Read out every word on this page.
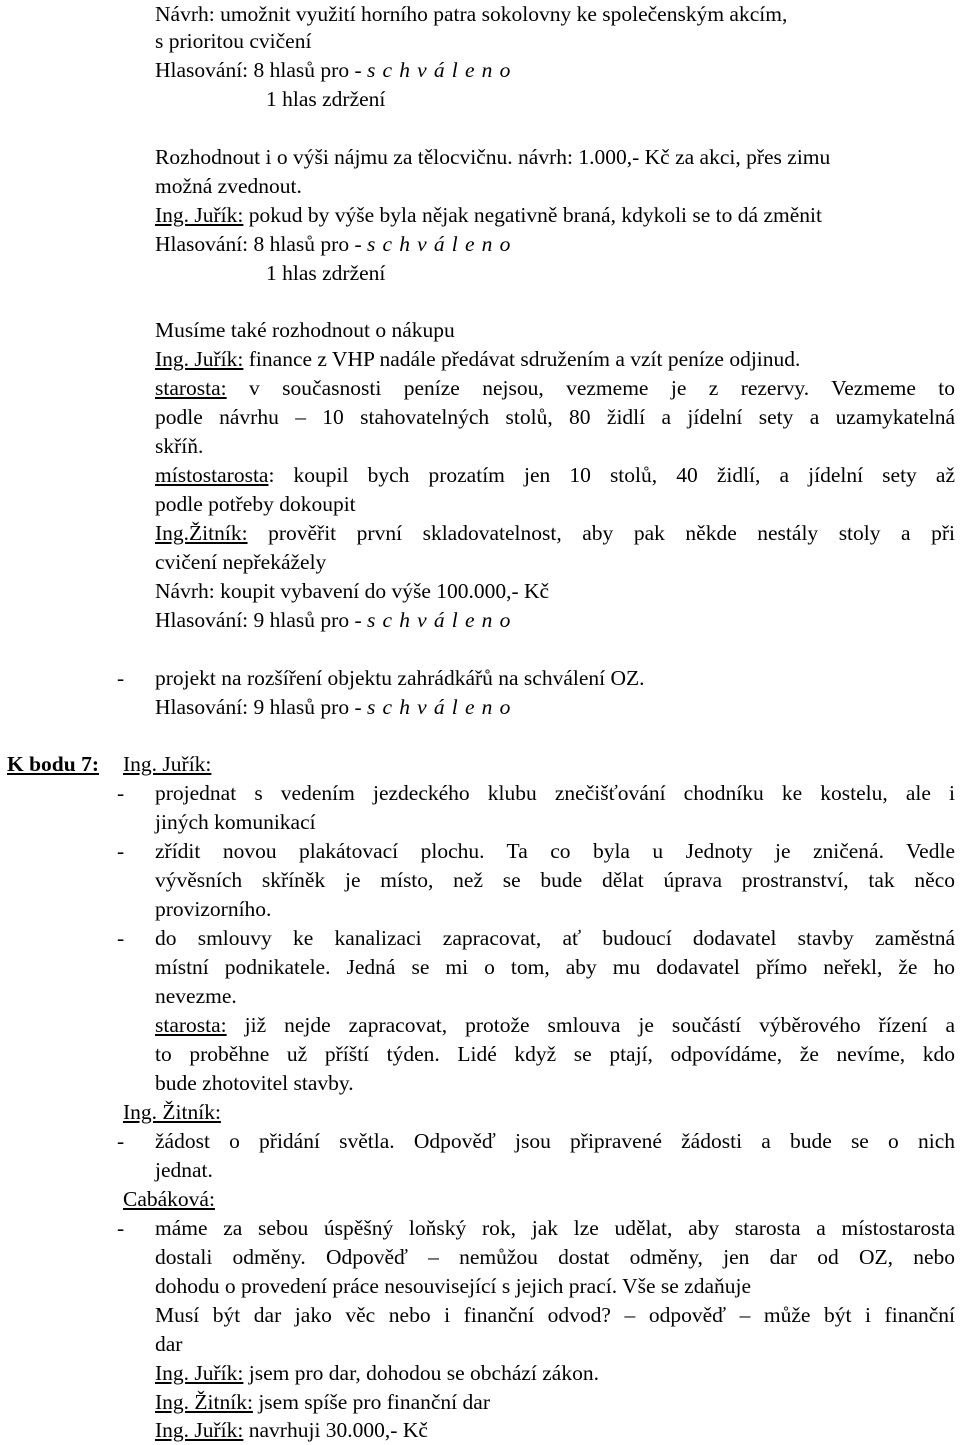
Návrh: umožnit využití horního patra sokolovny ke společenským akcím,
s prioritou cvičení
Hlasování: 8 hlasů pro - s c h v á l e n o
1 hlas zdržení
Rozhodnout i o výši nájmu za tělocvičnu. návrh: 1.000,- Kč za akci, přes zimu
možná zvednout.
Ing. Juřík: pokud by výše byla nějak negativně braná, kdykoli se to dá změnit
Hlasování: 8 hlasů pro - s c h v á l e n o
1 hlas zdržení
Musíme také rozhodnout o nákupu
Ing. Juřík: finance z VHP nadále předávat sdružením a vzít peníze odjinud.
starosta: v současnosti peníze nejsou, vezmeme je z rezervy. Vezmeme to
podle návrhu – 10 stahovatelných stolů, 80 židlí a jídelní sety a uzamykatelná
skříň.
místostarosta: koupil bych prozatím jen 10 stolů, 40 židlí, a jídelní sety až
podle potřeby dokoupit
Ing.Žitník: prověřit první skladovatelnost, aby pak někde nestály stoly a při
cvičení nepřekážely
Návrh: koupit vybavení do výše 100.000,- Kč
Hlasování: 9 hlasů pro - s c h v á l e n o
- projekt na rozšíření objektu zahrádkářů na schválení OZ.
Hlasování: 9 hlasů pro - s c h v á l e n o
K bodu 7: Ing. Juřík:
- projednat s vedením jezdeckého klubu znečišťování chodníku ke kostelu, ale i
jiných komunikací
- zřídit novou plakátovací plochu. Ta co byla u Jednoty je zničená. Vedle
vývěsních skříněk je místo, než se bude dělat úprava prostranství, tak něco
provizorního.
- do smlouvy ke kanalizaci zapracovat, ať budoucí dodavatel stavby zaměstná
místní podnikatele. Jedná se mi o tom, aby mu dodavatel přímo neřekl, že ho
nevezme.
starosta: již nejde zapracovat, protože smlouva je součástí výběrového řízení a
to proběhne už příští týden. Lidé když se ptají, odpovídáme, že nevíme, kdo
bude zhotovitel stavby.
Ing. Žitník:
- žádost o přidání světla. Odpověď jsou připravené žádosti a bude se o nich
jednat.
Cabáková:
- máme za sebou úspěšný loňský rok, jak lze udělat, aby starosta a místostarosta
dostali odměny. Odpověď – nemůžou dostat odměny, jen dar od OZ, nebo
dohodu o provedení práce nesouvisející s jejich prací. Vše se zdaňuje
Musí být dar jako věc nebo i finanční odvod? – odpověď – může být i finanční
dar
Ing. Juřík: jsem pro dar, dohodou se obchází zákon.
Ing. Žitník: jsem spíše pro finanční dar
Ing. Juřík: navrhuji 30.000,- Kč
